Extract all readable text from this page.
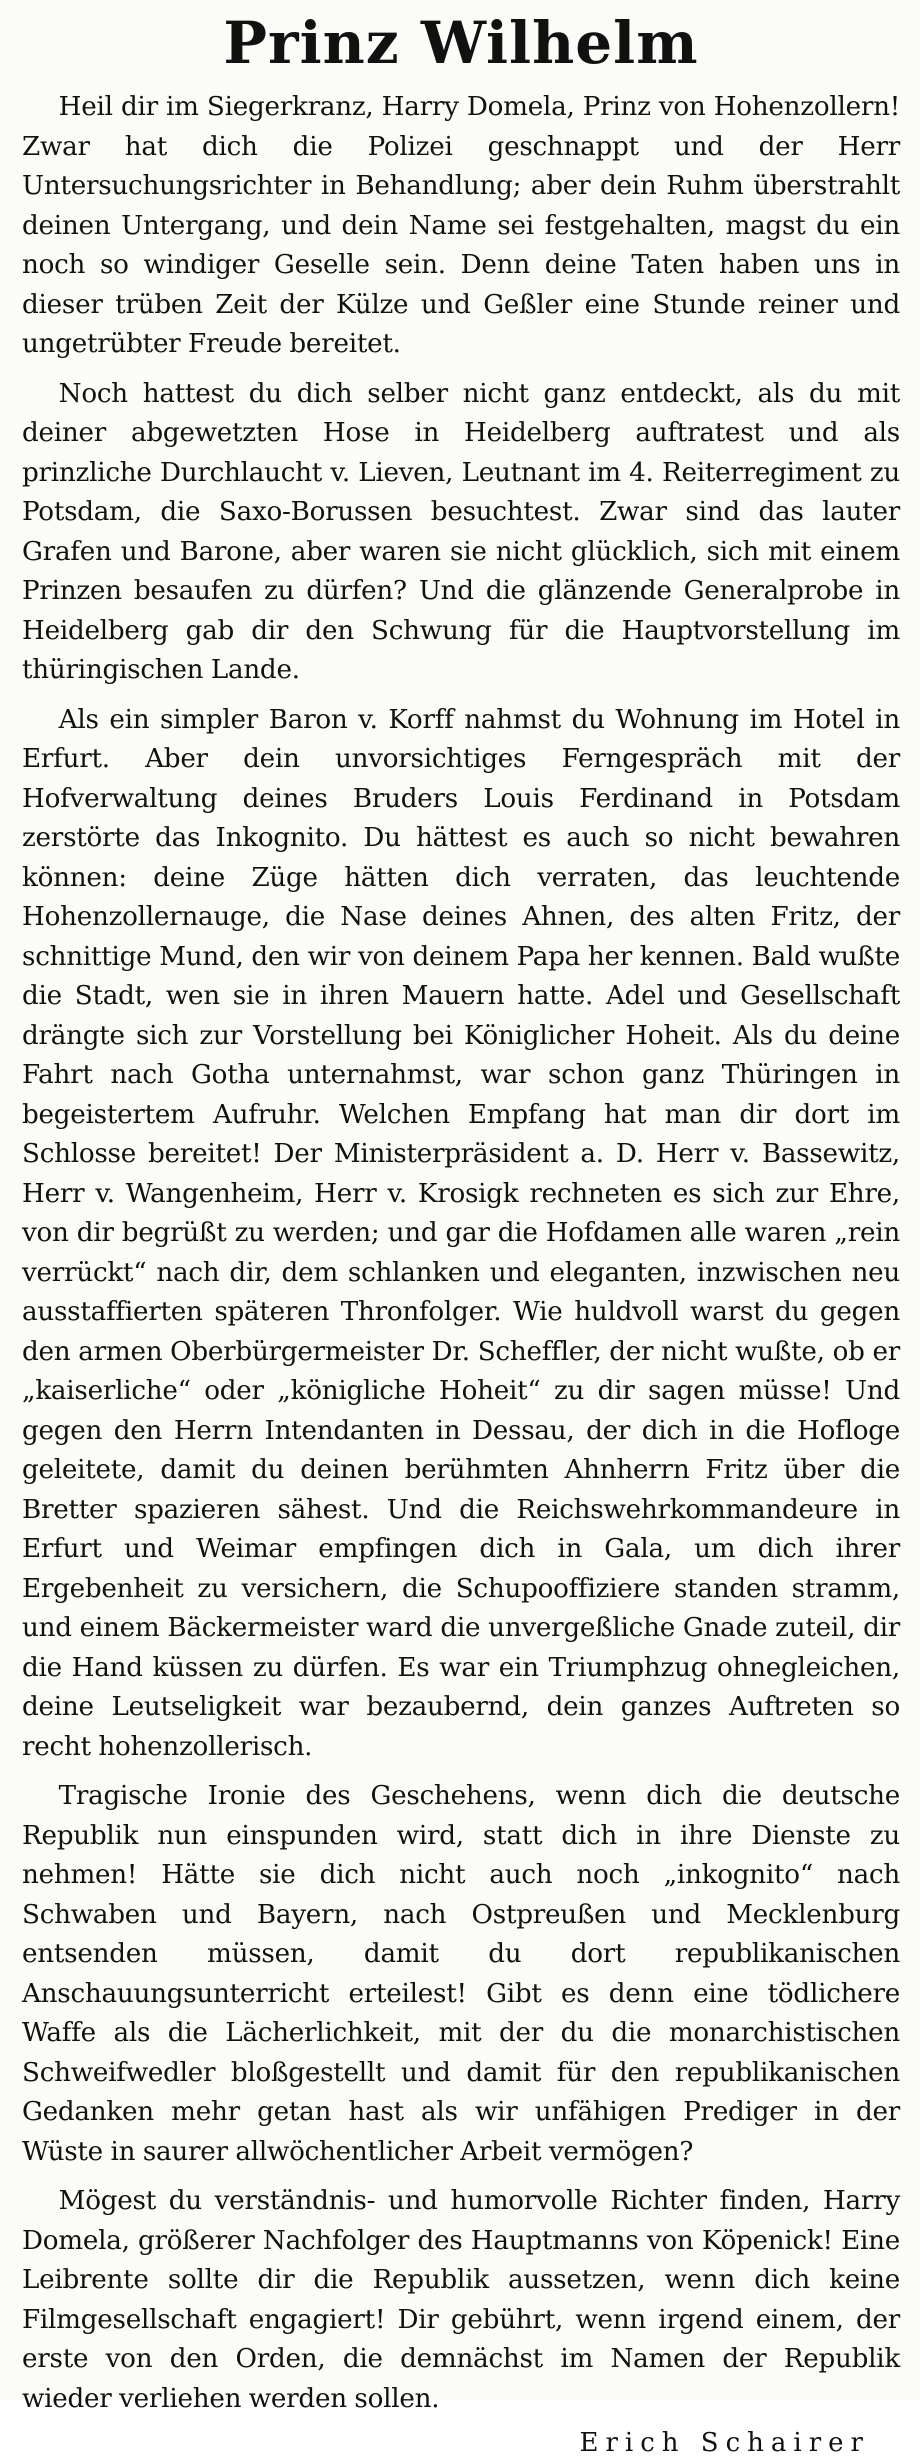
Prinz Wilhelm

Heil dir im Siegerkranz, Harry Domela, Prinz von Hohenzollern! Zwar hat dich die Polizei geschnappt und der Herr Untersuchungsrichter in Behandlung; aber dein Ruhm überstrahlt deinen Untergang, und dein Name sei festgehalten, magst du ein noch so windiger Geselle sein. Denn deine Taten haben uns in dieser trüben Zeit der Külze und Geßler eine Stunde reiner und ungetrübter Freude bereitet.

Noch hattest du dich selber nicht ganz entdeckt, als du mit deiner abgewetzten Hose in Heidelberg auftratest und als prinzliche Durchlaucht v. Lieven, Leutnant im 4. Reiterregiment zu Potsdam, die Saxo-Borussen besuchtest. Zwar sind das lauter Grafen und Barone, aber waren sie nicht glücklich, sich mit einem Prinzen besaufen zu dürfen? Und die glänzende Generalprobe in Heidelberg gab dir den Schwung für die Hauptvorstellung im thüringischen Lande.

Als ein simpler Baron v. Korff nahmst du Wohnung im Hotel in Erfurt. Aber dein unvorsichtiges Ferngespräch mit der Hofverwaltung deines Bruders Louis Ferdinand in Potsdam zerstörte das Inkognito. Du hättest es auch so nicht bewahren können: deine Züge hätten dich verraten, das leuchtende Hohenzollernauge, die Nase deines Ahnen, des alten Fritz, der schnittige Mund, den wir von deinem Papa her kennen. Bald wußte die Stadt, wen sie in ihren Mauern hatte. Adel und Gesellschaft drängte sich zur Vorstellung bei Königlicher Hoheit. Als du deine Fahrt nach Gotha unternahmst, war schon ganz Thüringen in begeistertem Aufruhr. Welchen Empfang hat man dir dort im Schlosse bereitet! Der Ministerpräsident a. D. Herr v. Bassewitz, Herr v. Wangenheim, Herr v. Krosigk rechneten es sich zur Ehre, von dir begrüßt zu werden; und gar die Hofdamen alle waren „rein verrückt“ nach dir, dem schlanken und eleganten, inzwischen neu ausstaffierten späteren Thronfolger. Wie huldvoll warst du gegen den armen Oberbürgermeister Dr. Scheffler, der nicht wußte, ob er „kaiserliche“ oder „königliche Hoheit“ zu dir sagen müsse! Und gegen den Herrn Intendanten in Dessau, der dich in die Hofloge geleitete, damit du deinen berühmten Ahnherrn Fritz über die Bretter spazieren sähest. Und die Reichswehrkommandeure in Erfurt und Weimar empfingen dich in Gala, um dich ihrer Ergebenheit zu versichern, die Schupooffiziere standen stramm, und einem Bäckermeister ward die unvergeßliche Gnade zuteil, dir die Hand küssen zu dürfen. Es war ein Triumphzug ohnegleichen, deine Leutseligkeit war bezaubernd, dein ganzes Auftreten so recht hohenzollerisch.

Tragische Ironie des Geschehens, wenn dich die deutsche Republik nun einspunden wird, statt dich in ihre Dienste zu nehmen! Hätte sie dich nicht auch noch „inkognito“ nach Schwaben und Bayern, nach Ostpreußen und Mecklenburg entsenden müssen, damit du dort republikanischen Anschauungsunterricht erteilest! Gibt es denn eine tödlichere Waffe als die Lächerlichkeit, mit der du die monarchistischen Schweifwedler bloßgestellt und damit für den republikanischen Gedanken mehr getan hast als wir unfähigen Prediger in der Wüste in saurer allwöchentlicher Arbeit vermögen?

Mögest du verständnis- und humorvolle Richter finden, Harry Domela, größerer Nachfolger des Hauptmanns von Köpenick! Eine Leibrente sollte dir die Republik aussetzen, wenn dich keine Filmgesellschaft engagiert! Dir gebührt, wenn irgend einem, der erste von den Orden, die demnächst im Namen der Republik wieder verliehen werden sollen.

Erich Schairer
